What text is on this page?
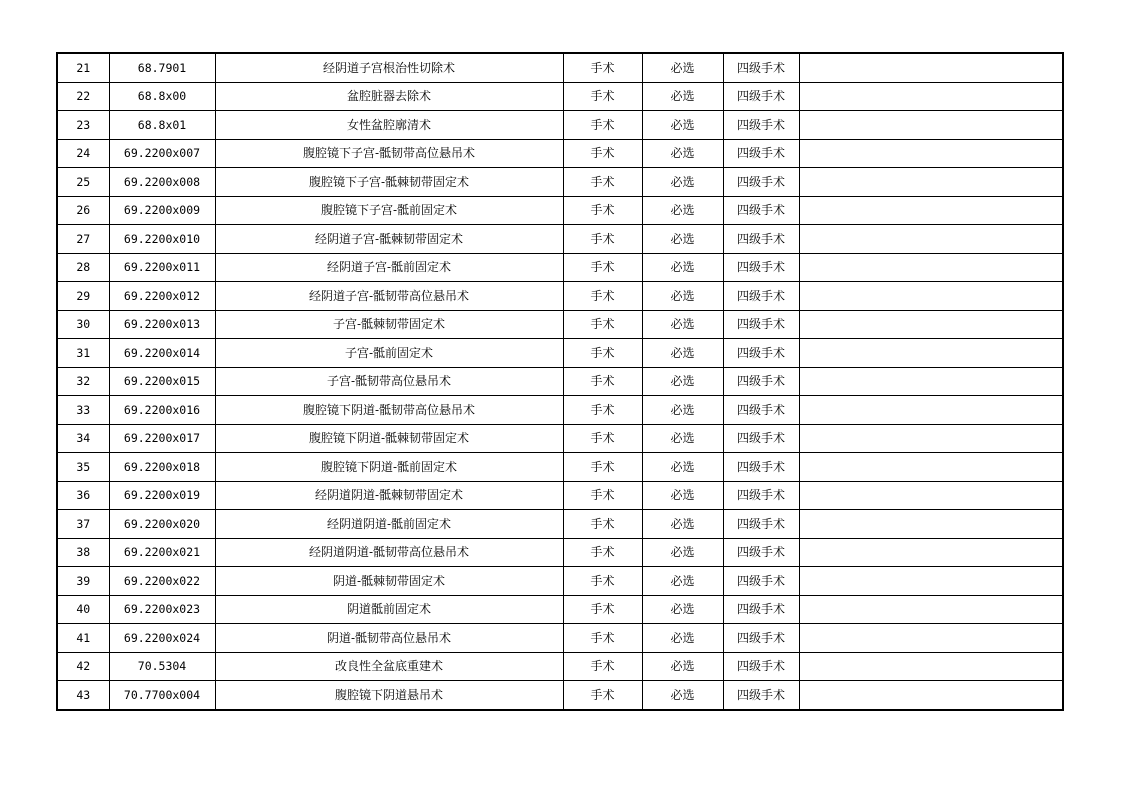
21	68.7901	经阴道子宫根治性切除术	手术	必选	四级手术	
22	68.8x00	盆腔脏器去除术	手术	必选	四级手术	
23	68.8x01	女性盆腔廓清术	手术	必选	四级手术	
24	69.2200x007	腹腔镜下子宫-骶韧带高位悬吊术	手术	必选	四级手术	
25	69.2200x008	腹腔镜下子宫-骶棘韧带固定术	手术	必选	四级手术	
26	69.2200x009	腹腔镜下子宫-骶前固定术	手术	必选	四级手术	
27	69.2200x010	经阴道子宫-骶棘韧带固定术	手术	必选	四级手术	
28	69.2200x011	经阴道子宫-骶前固定术	手术	必选	四级手术	
29	69.2200x012	经阴道子宫-骶韧带高位悬吊术	手术	必选	四级手术	
30	69.2200x013	子宫-骶棘韧带固定术	手术	必选	四级手术	
31	69.2200x014	子宫-骶前固定术	手术	必选	四级手术	
32	69.2200x015	子宫-骶韧带高位悬吊术	手术	必选	四级手术	
33	69.2200x016	腹腔镜下阴道-骶韧带高位悬吊术	手术	必选	四级手术	
34	69.2200x017	腹腔镜下阴道-骶棘韧带固定术	手术	必选	四级手术	
35	69.2200x018	腹腔镜下阴道-骶前固定术	手术	必选	四级手术	
36	69.2200x019	经阴道阴道-骶棘韧带固定术	手术	必选	四级手术	
37	69.2200x020	经阴道阴道-骶前固定术	手术	必选	四级手术	
38	69.2200x021	经阴道阴道-骶韧带高位悬吊术	手术	必选	四级手术	
39	69.2200x022	阴道-骶棘韧带固定术	手术	必选	四级手术	
40	69.2200x023	阴道骶前固定术	手术	必选	四级手术	
41	69.2200x024	阴道-骶韧带高位悬吊术	手术	必选	四级手术	
42	70.5304	改良性全盆底重建术	手术	必选	四级手术	
43	70.7700x004	腹腔镜下阴道悬吊术	手术	必选	四级手术	
